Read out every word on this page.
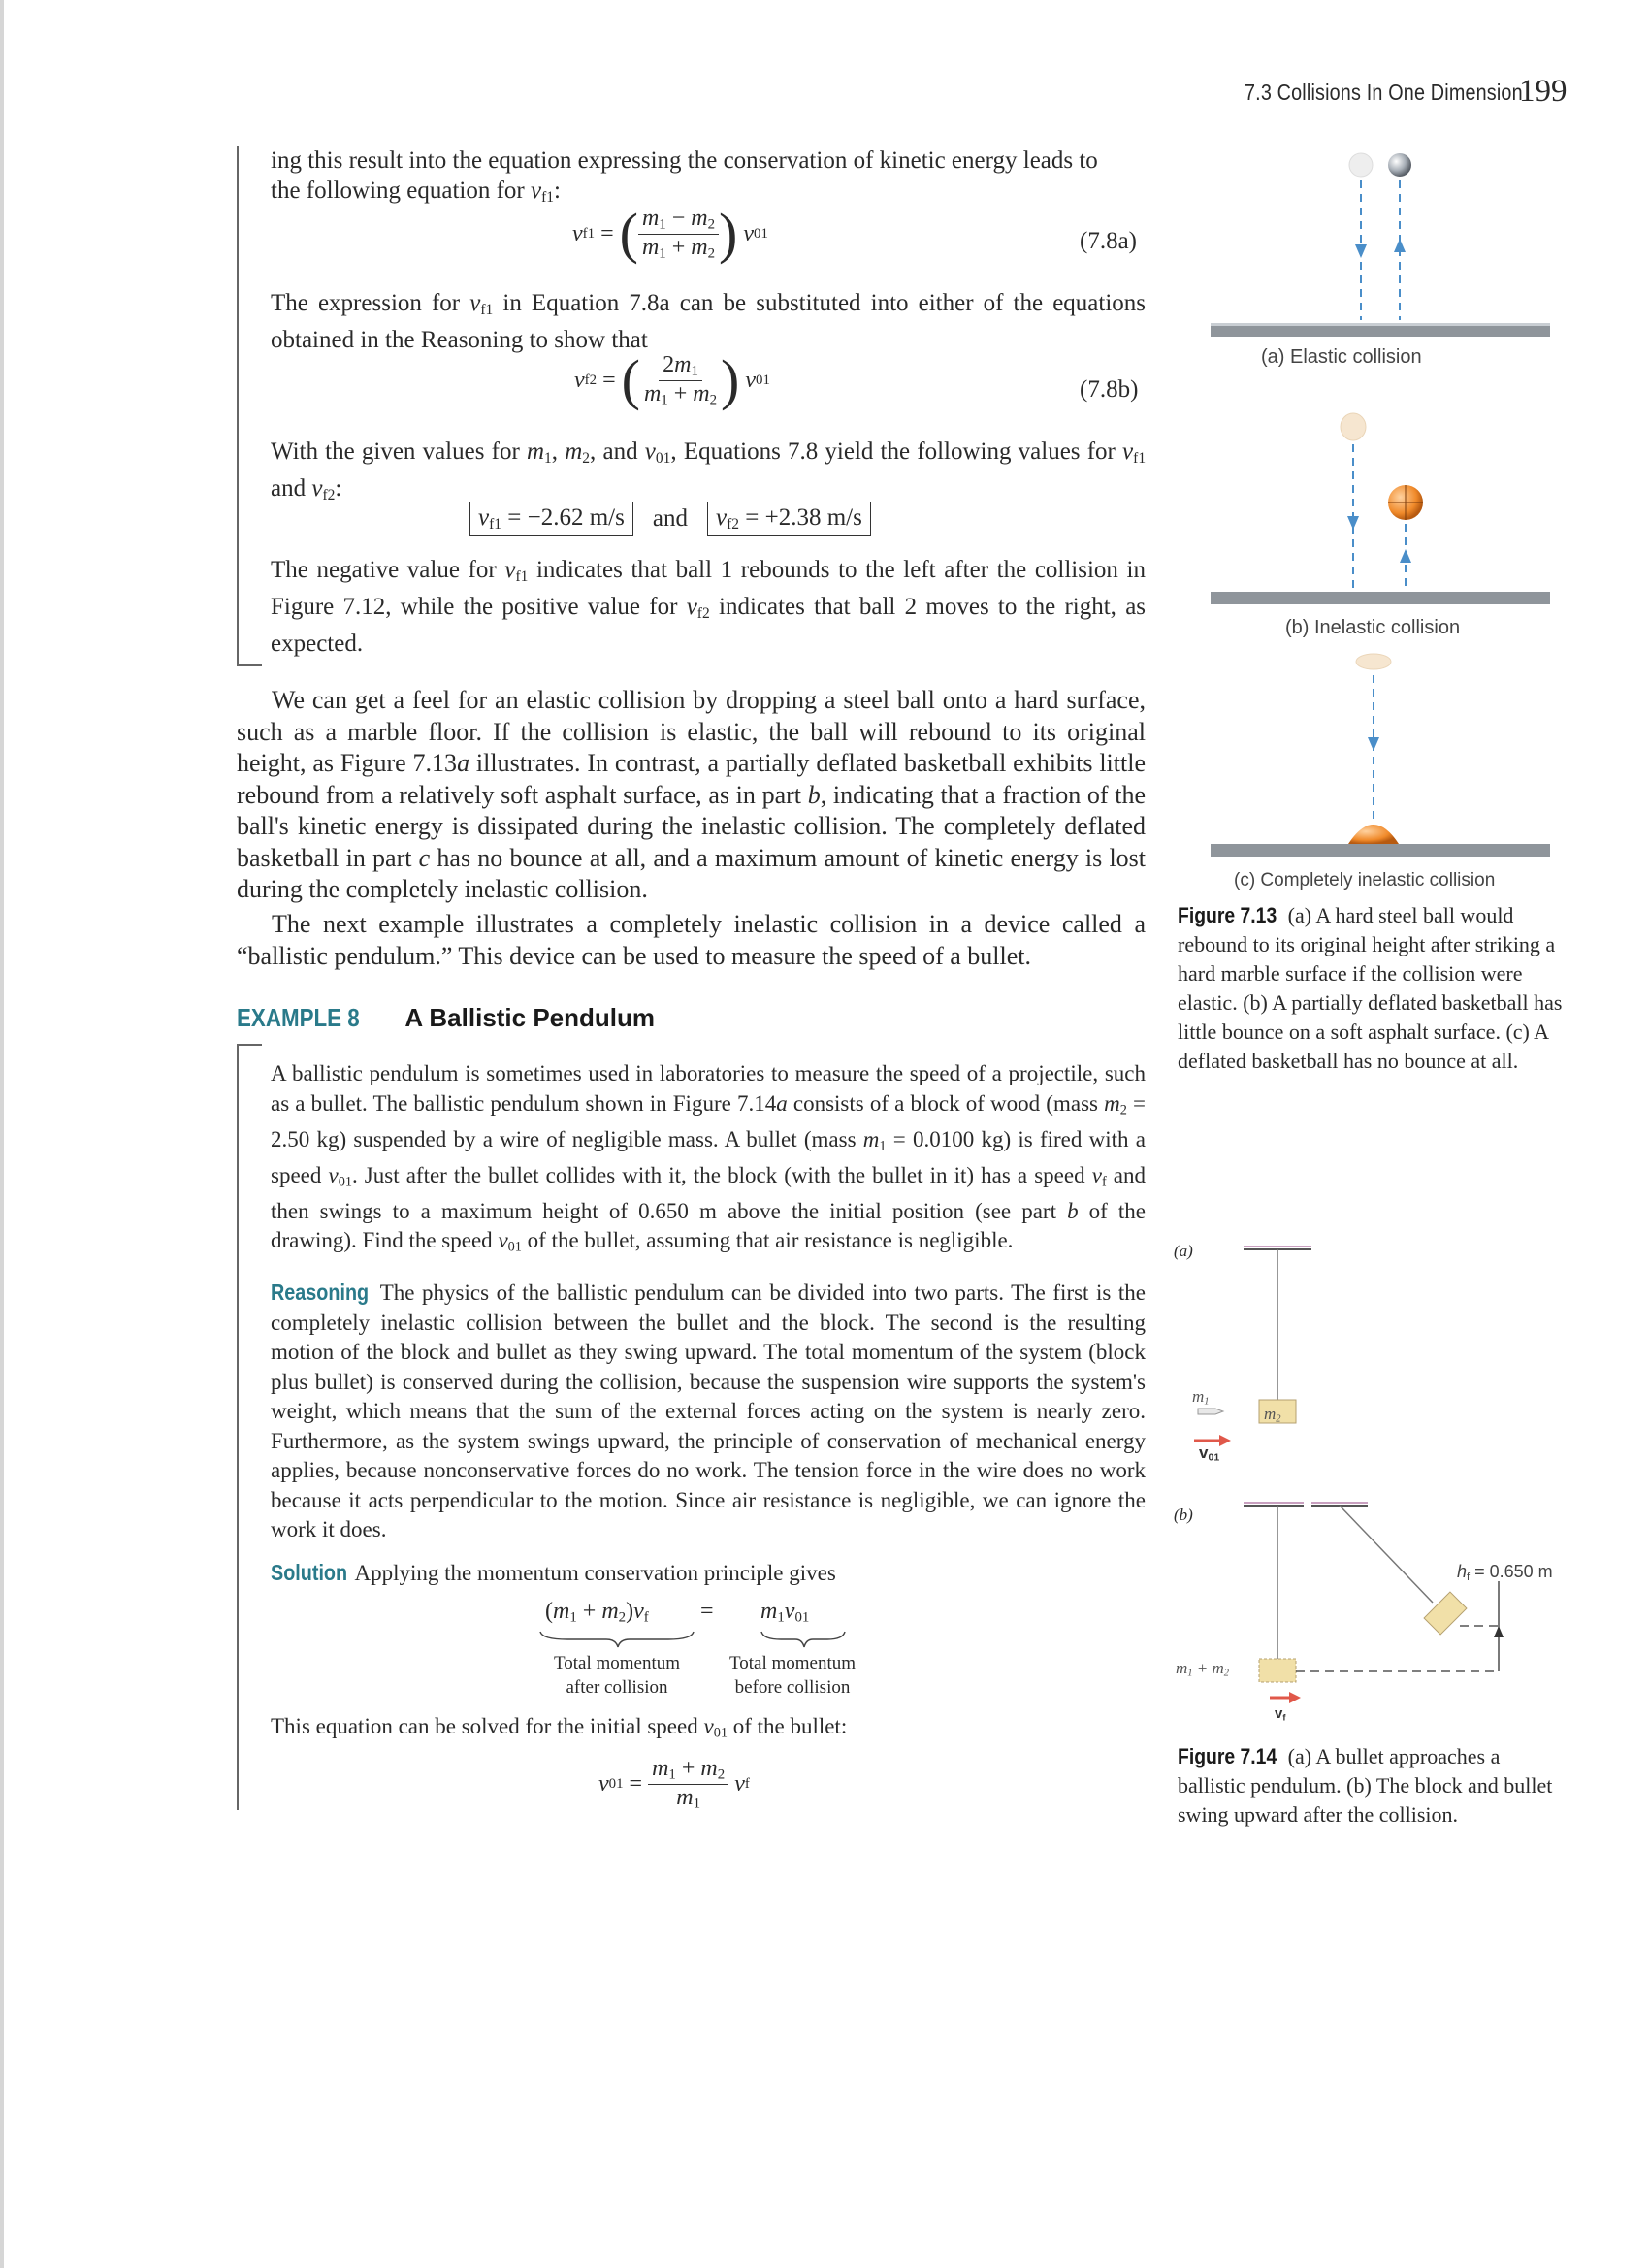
7.3 Collisions In One Dimension
199
ing this result into the equation expressing the conservation of kinetic energy leads to
the following equation for $v_{f1}$:
v f1 = ( $\frac{m_1 - m_2}{m_1 + m_2}$ )
v 01	(7.8a)
The expression for $v_{f1}$ in Equation 7.8a can be substituted into either of the equations obtained in the Reasoning to show that
v f2 = ( $\frac{2m_1}{m_1 + m_2}$ )
v 01	(7.8b)
With the given values for $m_1$, $m_2$, and $v_{01}$, Equations 7.8 yield the following values for $v_{f1}$ and $v_{f2}$:
$v_{f1} = -2.62$ m/s	and	$v_{f2} = +2.38$ m/s
The negative value for $v_{f1}$ indicates that ball 1 rebounds to the left after the collision in Figure 7.12, while the positive value for $v_{f2}$ indicates that ball 2 moves to the right, as expected.
We can get a feel for an elastic collision by dropping a steel ball onto a hard surface, such as a marble floor. If the collision is elastic, the ball will rebound to its original height, as Figure 7.13a illustrates. In contrast, a partially deflated basketball exhibits little rebound from a relatively soft asphalt surface, as in part b, indicating that a fraction of the ball's kinetic energy is dissipated during the inelastic collision. The completely deflated basketball in part c has no bounce at all, and a maximum amount of kinetic energy is lost during the completely inelastic collision.
The next example illustrates a completely inelastic collision in a device called a “ballistic pendulum.” This device can be used to measure the speed of a bullet.
EXAMPLE 8 A Ballistic Pendulum
A ballistic pendulum is sometimes used in laboratories to measure the speed of a projectile, such as a bullet. The ballistic pendulum shown in Figure 7.14a consists of a block of wood (mass $m_2 = 2.50$ kg) suspended by a wire of negligible mass. A bullet (mass $m_1 = 0.0100$ kg) is fired with a speed $v_{01}$. Just after the bullet collides with it, the block (with the bullet in it) has a speed $v_f$ and then swings to a maximum height of 0.650 m above the initial position (see part b of the drawing). Find the speed $v_{01}$ of the bullet, assuming that air resistance is negligible.
Reasoning The physics of the ballistic pendulum can be divided into two parts. The first is the completely inelastic collision between the bullet and the block. The second is the resulting motion of the block and bullet as they swing upward. The total momentum of the system (block plus bullet) is conserved during the collision, because the suspension wire supports the system's weight, which means that the sum of the external forces acting on the system is nearly zero. Furthermore, as the system swings upward, the principle of conservation of mechanical energy applies, because nonconservative forces do no work. The tension force in the wire does no work because it acts perpendicular to the motion. Since air resistance is negligible, we can ignore the work it does.
Solution Applying the momentum conservation principle gives
$(m_1 + m_2)v_f = m_1v_{01}$
Total momentum
after collision
Total momentum
before collision
This equation can be solved for the initial speed $v_{01}$ of the bullet:
v $01 = \frac{m_1 + m_2}{m_1}$
v f
(a) Elastic collision
(b) Inelastic collision
(c) Completely inelastic collision
Figure 7.13 (a) A hard steel ball would rebound to its original height after striking a hard marble surface if the collision were elastic. (b) A partially deflated basketball has little bounce on a soft asphalt surface. (c) A deflated basketball has no bounce at all.
(a)
(b)
$m_1$
$m_2$
$v_{01}$
$m_1 + m_2$
$v_f$
$h_f = 0.650$ m
Figure 7.14 (a) A bullet approaches a ballistic pendulum. (b) The block and bullet swing upward after the collision.
